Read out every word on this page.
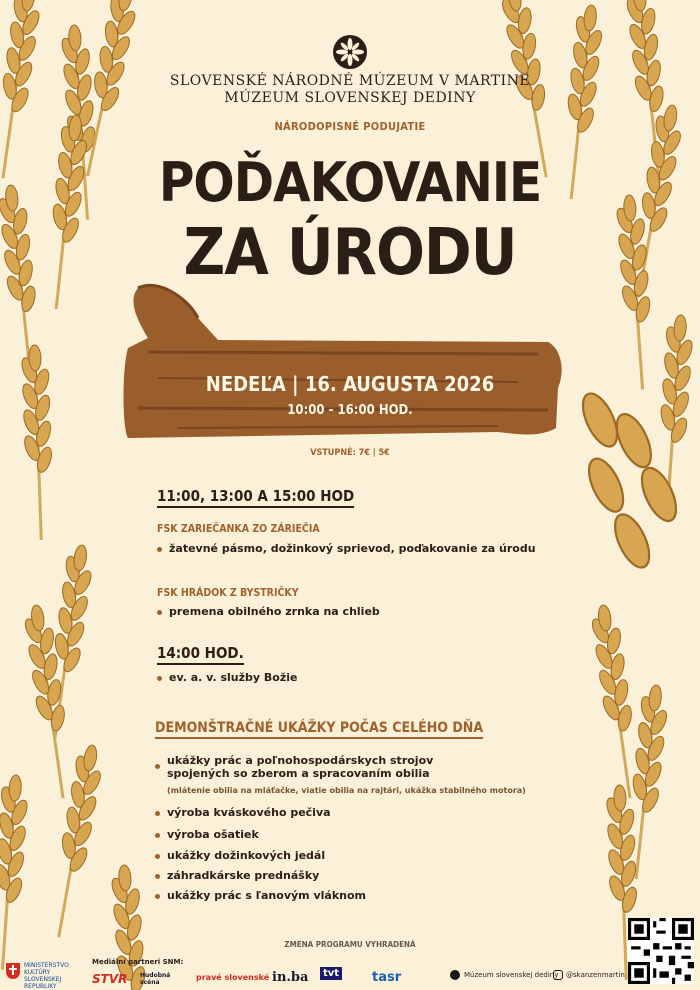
SLOVENSKÉ NÁRODNÉ MÚZEUM V MARTINE
MÚZEUM SLOVENSKEJ DEDINY
NÁRODOPISNÉ PODUJATIE
POĎAKOVANIE
ZA ÚRODU
NEDEĽA | 16. AUGUSTA 2026
10:00 - 16:00 HOD.
VSTUPNÉ: 7€ | 5€
11:00, 13:00 A 15:00 HOD
FSK ZARIEČANKA ZO ZÁRIEČIA
žatevné pásmo, dožinkový sprievod, poďakovanie za úrodu
FSK HRÁDOK Z BYSTRIČKY
premena obilného zrnka na chlieb
14:00 HOD.
ev. a. v. služby Božie
DEMONŠTRAČNÉ UKÁŽKY POČAS CELÉHO DŇA
ukážky prác a poľnohospodárskych strojov
spojených so zberom a spracovaním obilia
(mlátenie obilia na mláťačke, viatie obilia na rajtári, ukážka stabilného motora)
výroba kváskového pečiva
výroba ošatiek
ukážky dožinkových jedál
záhradkárske prednášky
ukážky prác s ľanovým vláknom
ZMENA PROGRAMU VYHRADENÁ
MINISTERSTVO KULTÚRY SLOVENSKEJ REPUBLIKY
Mediální partneri SNM:
STVR Hudobná scéna
pravé slovenské in.ba	tvt	tasr	Múzeum slovenskej dediny @skanzenmartin
